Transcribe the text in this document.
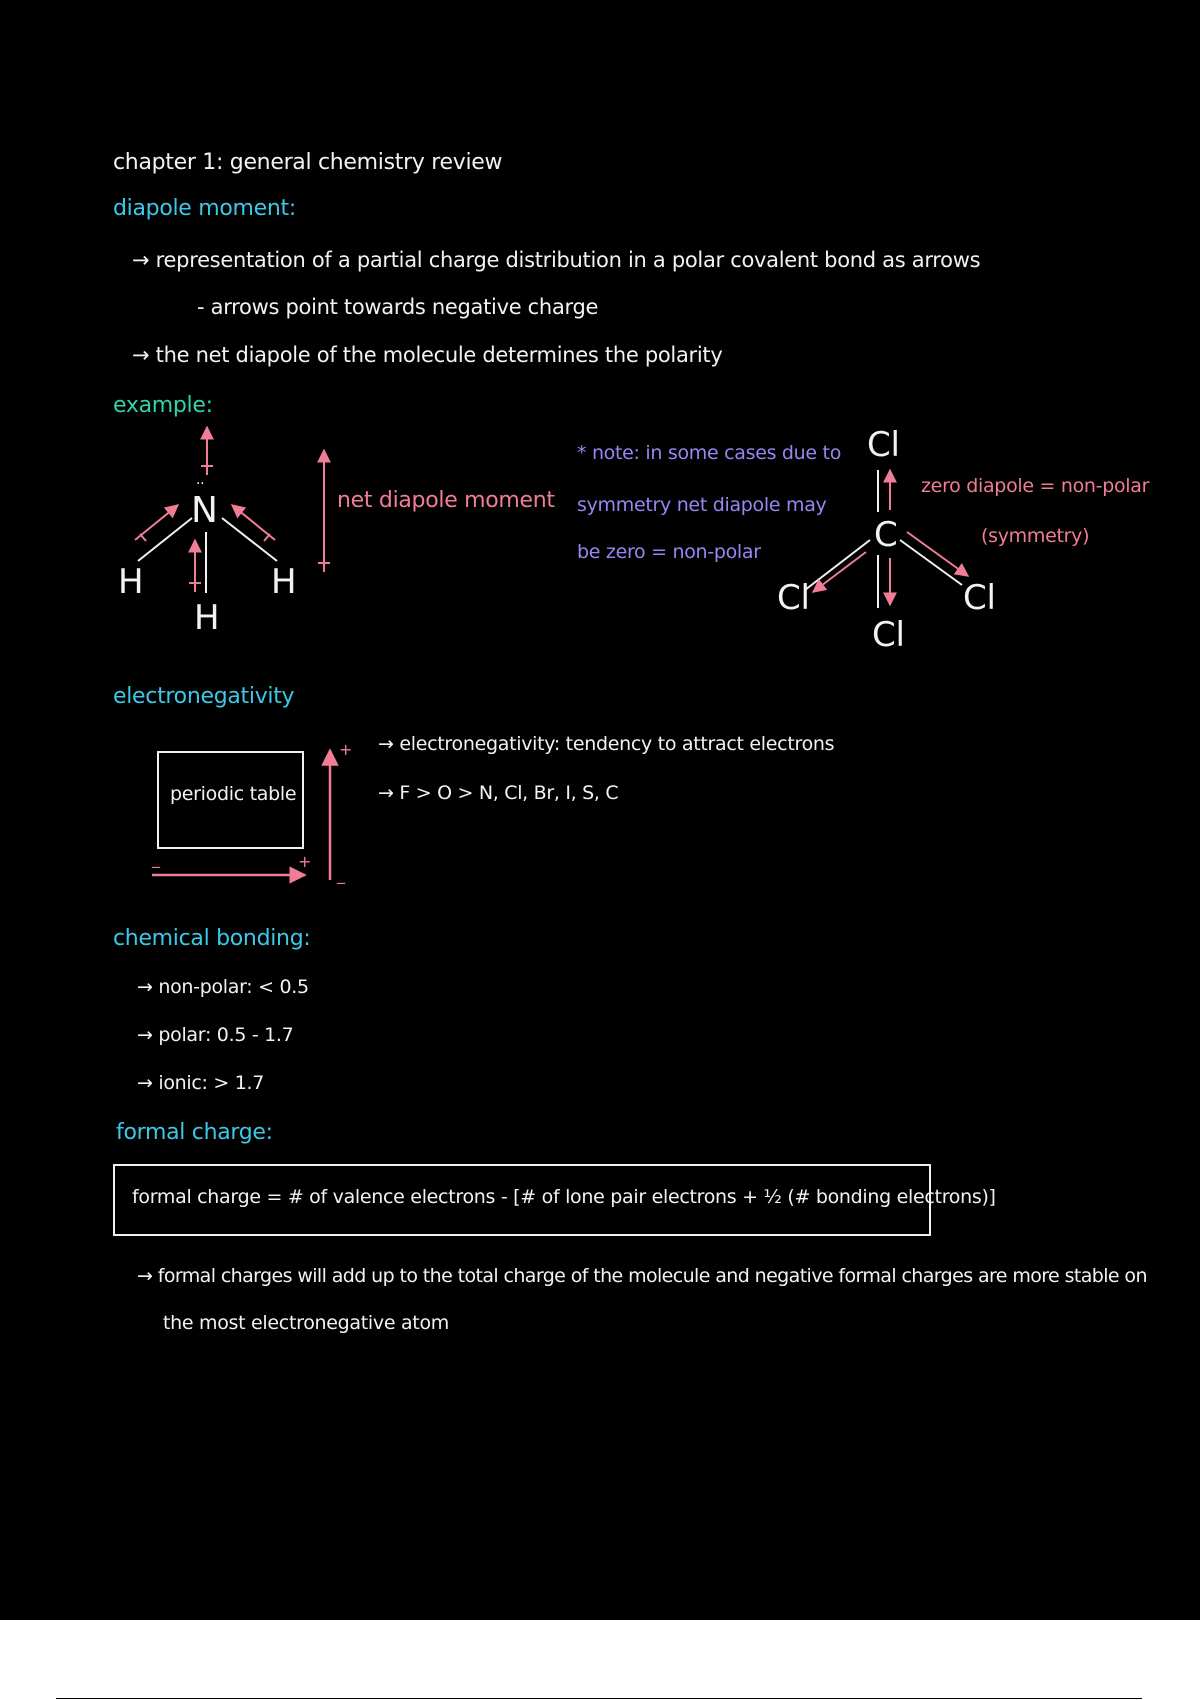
chapter 1: general chemistry review
diapole moment:
→ representation of a partial charge distribution in a polar covalent bond as arrows
- arrows point towards negative charge
→ the net diapole of the molecule determines the polarity
example:
N
..
H	H
H
net diapole moment
* note: in some cases due to
symmetry net diapole may
be zero = non-polar
Cl
C
Cl	Cl
Cl
zero diapole = non-polar
(symmetry)
electronegativity
periodic table
+
_
_	+
→ electronegativity: tendency to attract electrons
→ F > O > N, Cl, Br, I, S, C
chemical bonding:
→ non-polar: < 0.5
→ polar: 0.5 - 1.7
→ ionic: > 1.7
formal charge:
formal charge = # of valence electrons - [# of lone pair electrons + ½ (# bonding electrons)]
→ formal charges will add up to the total charge of the molecule and negative formal charges are more stable on
the most electronegative atom
